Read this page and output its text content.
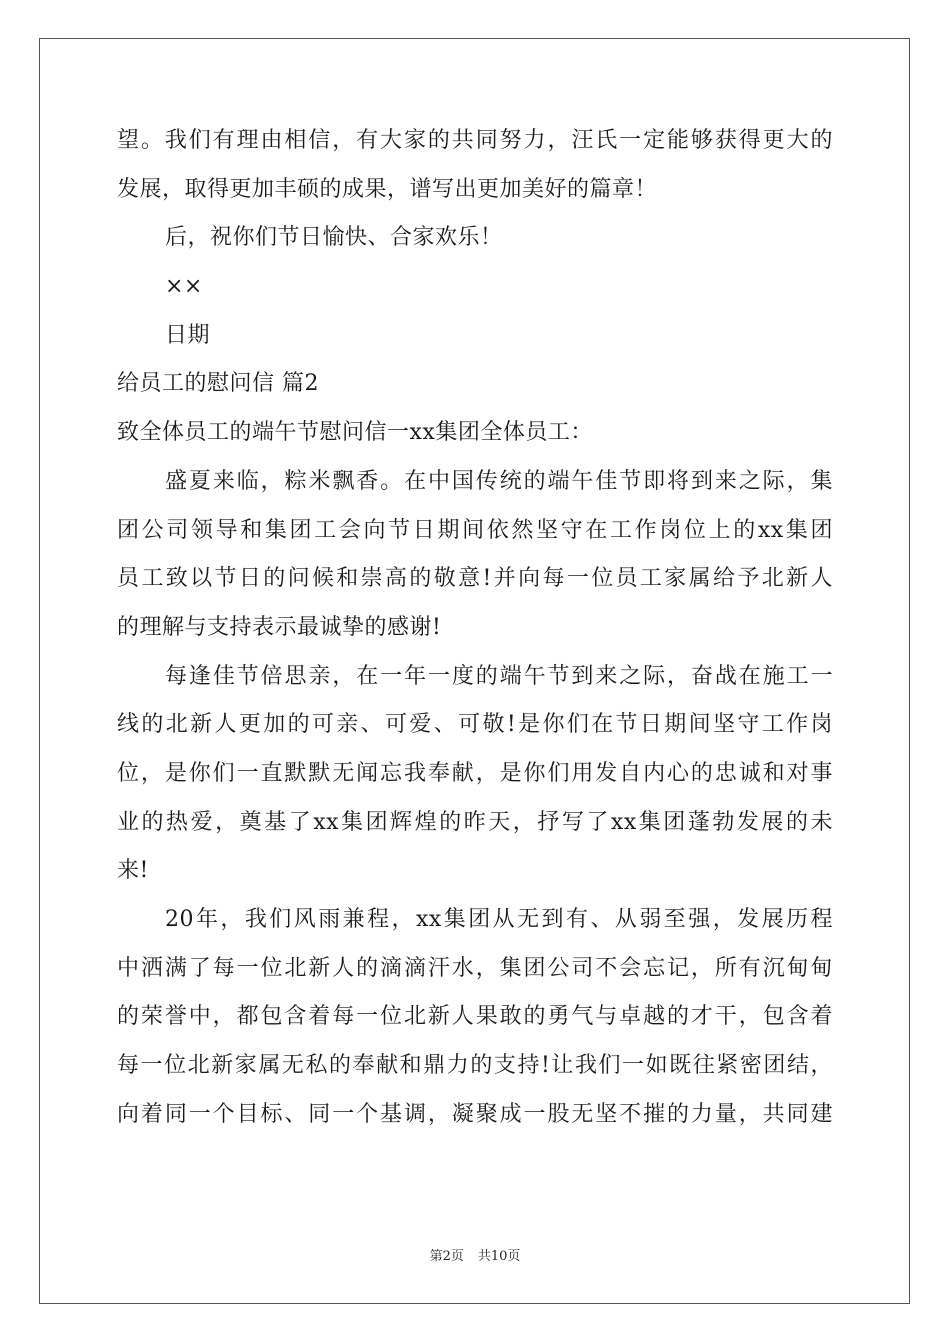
望。我们有理由相信，有大家的共同努力，汪氏一定能够获得更大的
发展，取得更加丰硕的成果，谱写出更加美好的篇章！
后，祝你们节日愉快、合家欢乐！
××
日期
给员工的慰问信 篇2
致全体员工的端午节慰问信一xx集团全体员工：
盛夏来临，粽米飘香。在中国传统的端午佳节即将到来之际，集
团公司领导和集团工会向节日期间依然坚守在工作岗位上的xx集团
员工致以节日的问候和崇高的敬意!并向每一位员工家属给予北新人
的理解与支持表示最诚挚的感谢!
每逢佳节倍思亲，在一年一度的端午节到来之际，奋战在施工一
线的北新人更加的可亲、可爱、可敬!是你们在节日期间坚守工作岗
位，是你们一直默默无闻忘我奉献，是你们用发自内心的忠诚和对事
业的热爱，奠基了xx集团辉煌的昨天，抒写了xx集团蓬勃发展的未
来!
20年，我们风雨兼程，xx集团从无到有、从弱至强，发展历程
中洒满了每一位北新人的滴滴汗水，集团公司不会忘记，所有沉甸甸
的荣誉中，都包含着每一位北新人果敢的勇气与卓越的才干，包含着
每一位北新家属无私的奉献和鼎力的支持!让我们一如既往紧密团结，
向着同一个目标、同一个基调，凝聚成一股无坚不摧的力量，共同建
第2页 共10页
